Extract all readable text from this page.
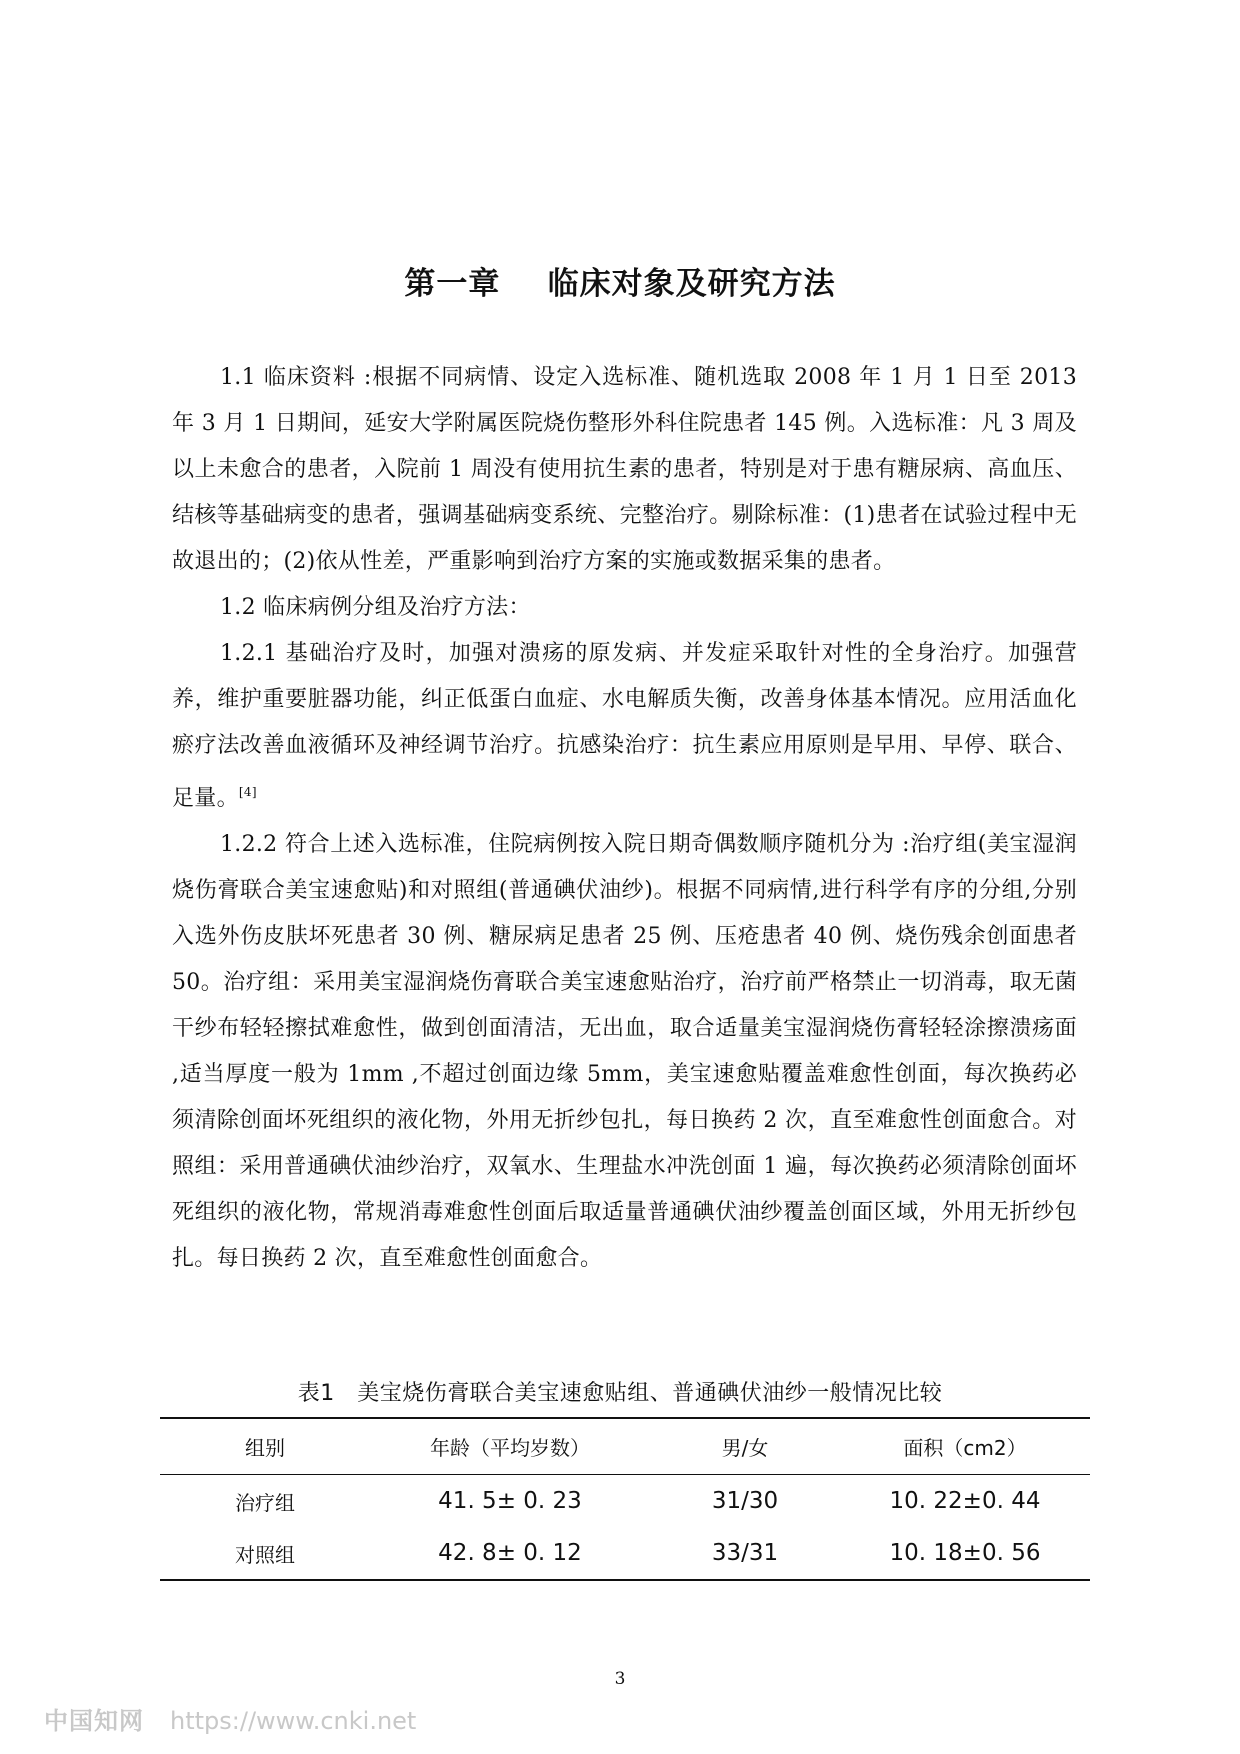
第一章    临床对象及研究方法

1.1 临床资料 :根据不同病情、设定入选标准、随机选取 2008 年 1 月 1 日至 2013 年 3 月 1 日期间，延安大学附属医院烧伤整形外科住院患者 145 例。入选标准：凡 3 周及以上未愈合的患者，入院前 1 周没有使用抗生素的患者，特别是对于患有糖尿病、高血压、结核等基础病变的患者，强调基础病变系统、完整治疗。剔除标准：(1)患者在试验过程中无故退出的；(2)依从性差，严重影响到治疗方案的实施或数据采集的患者。

1.2 临床病例分组及治疗方法：

1.2.1 基础治疗及时，加强对溃疡的原发病、并发症采取针对性的全身治疗。加强营养，维护重要脏器功能，纠正低蛋白血症、水电解质失衡，改善身体基本情况。应用活血化瘀疗法改善血液循环及神经调节治疗。抗感染治疗：抗生素应用原则是早用、早停、联合、足量。[4]

1.2.2 符合上述入选标准，住院病例按入院日期奇偶数顺序随机分为 :治疗组(美宝湿润烧伤膏联合美宝速愈贴)和对照组(普通碘伏油纱)。根据不同病情,进行科学有序的分组,分别入选外伤皮肤坏死患者 30 例、糖尿病足患者 25 例、压疮患者 40 例、烧伤残余创面患者 50。治疗组：采用美宝湿润烧伤膏联合美宝速愈贴治疗，治疗前严格禁止一切消毒，取无菌干纱布轻轻擦拭难愈性，做到创面清洁，无出血，取合适量美宝湿润烧伤膏轻轻涂擦溃疡面 ,适当厚度一般为 1mm ,不超过创面边缘 5mm，美宝速愈贴覆盖难愈性创面，每次换药必须清除创面坏死组织的液化物，外用无折纱包扎，每日换药 2 次，直至难愈性创面愈合。对照组：采用普通碘伏油纱治疗，双氧水、生理盐水冲洗创面 1 遍，每次换药必须清除创面坏死组织的液化物，常规消毒难愈性创面后取适量普通碘伏油纱覆盖创面区域，外用无折纱包扎。每日换药 2 次，直至难愈性创面愈合。

表1   美宝烧伤膏联合美宝速愈贴组、普通碘伏油纱一般情况比较
组别	年龄（平均岁数）	男/女	面积（cm2）
治疗组	41. 5± 0. 23	31/30	10. 22±0. 44
对照组	42. 8± 0. 12	33/31	10. 18±0. 56
3
中国知网 https://www.cnki.net
